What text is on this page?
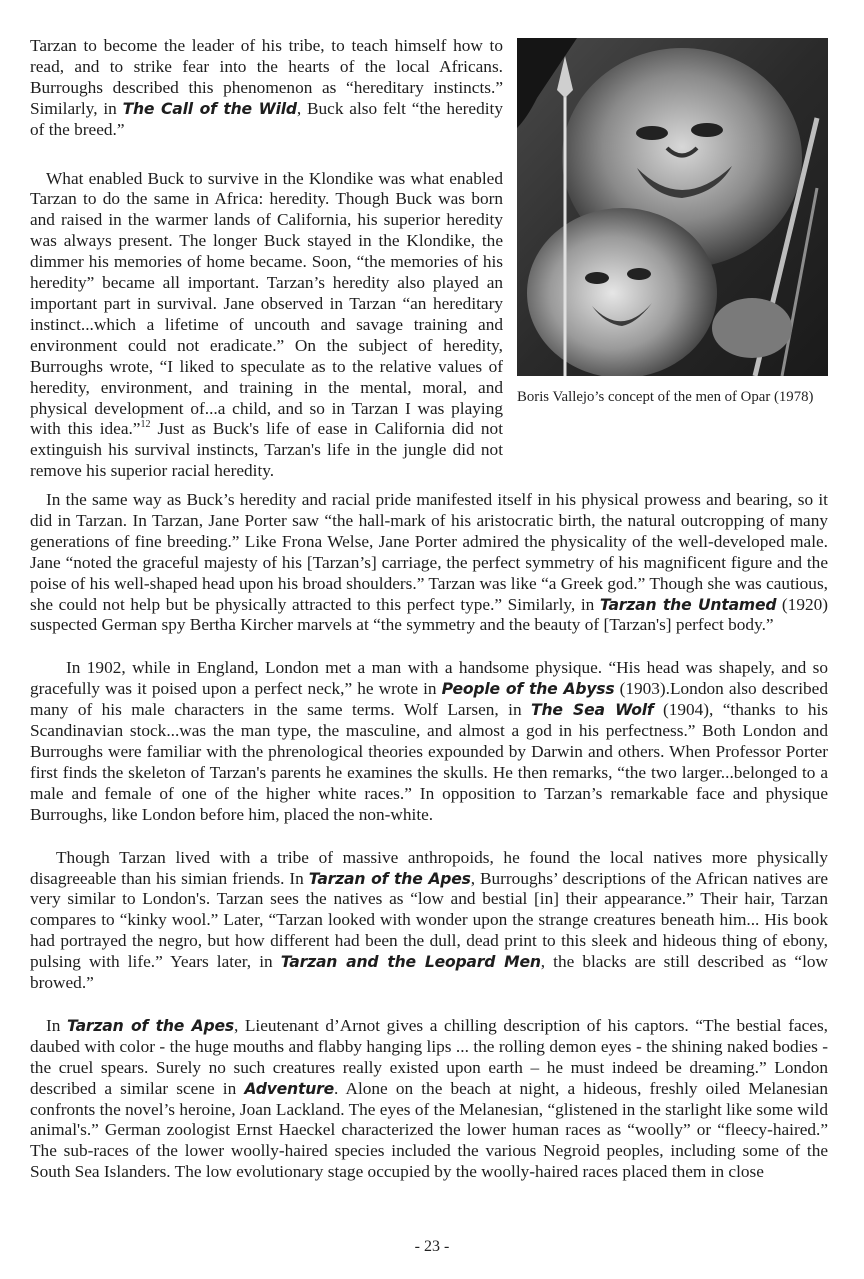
Tarzan to become the leader of his tribe, to teach himself how to read, and to strike fear into the hearts of the local Africans. Burroughs described this phenomenon as “hereditary instincts.” Similarly, in The Call of the Wild, Buck also felt “the heredity of the breed.”

What enabled Buck to survive in the Klondike was what enabled Tarzan to do the same in Africa: heredity. Though Buck was born and raised in the warmer lands of California, his superior heredity was always present. The longer Buck stayed in the Klondike, the dimmer his memories of home became. Soon, “the memories of his heredity” became all important. Tarzan’s heredity also played an important part in survival. Jane observed in Tarzan “an hereditary instinct...which a lifetime of uncouth and savage training and environment could not eradicate.” On the subject of heredity, Burroughs wrote, “I liked to speculate as to the relative values of heredity, environment, and training in the mental, moral, and physical development of...a child, and so in Tarzan I was playing with this idea.”$^{12}$ Just as Buck's life of ease in California did not extinguish his survival instincts, Tarzan's life in the jungle did not remove his superior racial heredity.

Boris Vallejo’s concept of the men of Opar (1978)

In the same way as Buck’s heredity and racial pride manifested itself in his physical prowess and bearing, so it did in Tarzan. In Tarzan, Jane Porter saw “the hall-mark of his aristocratic birth, the natural outcropping of many generations of fine breeding.” Like Frona Welse, Jane Porter admired the physicality of the well-developed male. Jane “noted the graceful majesty of his [Tarzan’s] carriage, the perfect symmetry of his magnificent figure and the poise of his well-shaped head upon his broad shoulders.” Tarzan was like “a Greek god.” Though she was cautious, she could not help but be physically attracted to this perfect type.” Similarly, in Tarzan the Untamed (1920) suspected German spy Bertha Kircher marvels at “the symmetry and the beauty of [Tarzan's] perfect body.”

In 1902, while in England, London met a man with a handsome physique. “His head was shapely, and so gracefully was it poised upon a perfect neck,” he wrote in People of the Abyss (1903).London also described many of his male characters in the same terms. Wolf Larsen, in The Sea Wolf (1904), “thanks to his Scandinavian stock...was the man type, the masculine, and almost a god in his perfectness.” Both London and Burroughs were familiar with the phrenological theories expounded by Darwin and others. When Professor Porter first finds the skeleton of Tarzan's parents he examines the skulls. He then remarks, “the two larger...belonged to a male and female of one of the higher white races.” In opposition to Tarzan’s remarkable face and physique Burroughs, like London before him, placed the non-white.

Though Tarzan lived with a tribe of massive anthropoids, he found the local natives more physically disagreeable than his simian friends. In Tarzan of the Apes, Burroughs’ descriptions of the African natives are very similar to London's. Tarzan sees the natives as “low and bestial [in] their appearance.” Their hair, Tarzan compares to “kinky wool.” Later, “Tarzan looked with wonder upon the strange creatures beneath him... His book had portrayed the negro, but how different had been the dull, dead print to this sleek and hideous thing of ebony, pulsing with life.” Years later, in Tarzan and the Leopard Men, the blacks are still described as “low browed.”

In Tarzan of the Apes, Lieutenant d’Arnot gives a chilling description of his captors. “The bestial faces, daubed with color - the huge mouths and flabby hanging lips ... the rolling demon eyes - the shining naked bodies - the cruel spears. Surely no such creatures really existed upon earth – he must indeed be dreaming.” London described a similar scene in Adventure. Alone on the beach at night, a hideous, freshly oiled Melanesian confronts the novel’s heroine, Joan Lackland. The eyes of the Melanesian, “glistened in the starlight like some wild animal's.” German zoologist Ernst Haeckel characterized the lower human races as “woolly” or “fleecy-haired.” The sub-races of the lower woolly-haired species included the various Negroid peoples, including some of the South Sea Islanders. The low evolutionary stage occupied by the woolly-haired races placed them in close

- 23 -
